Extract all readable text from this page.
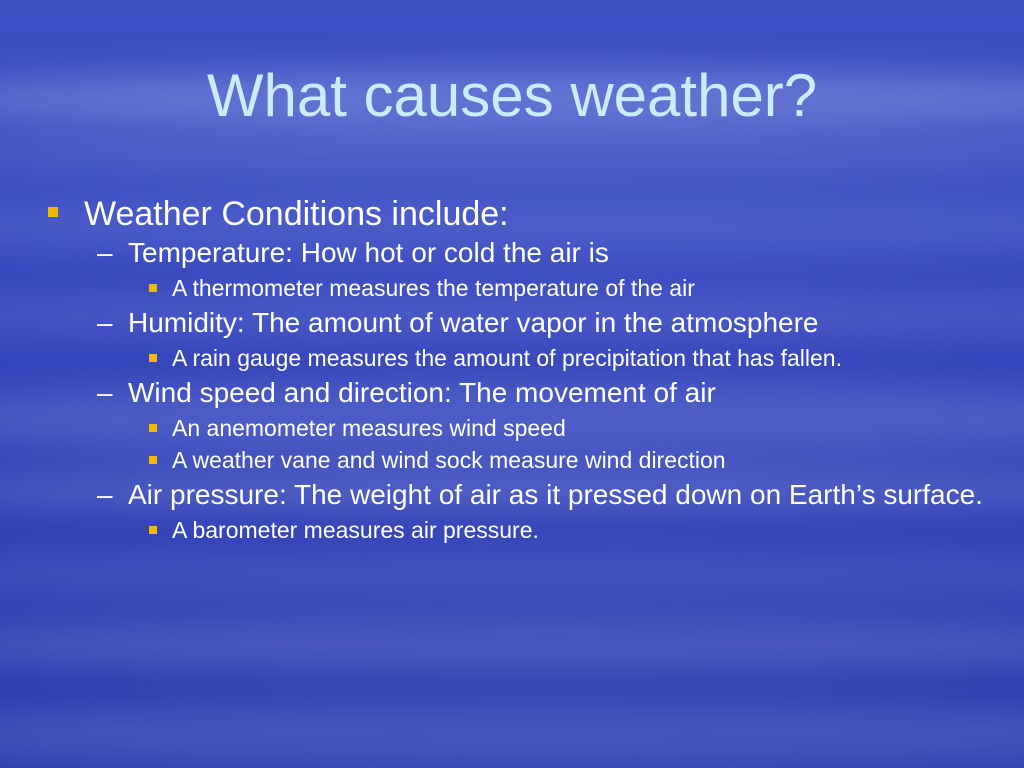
What causes weather?
Weather Conditions include:
– Temperature: How hot or cold the air is
A thermometer measures the temperature of the air
– Humidity: The amount of water vapor in the atmosphere
A rain gauge measures the amount of precipitation that has fallen.
– Wind speed and direction: The movement of air
An anemometer measures wind speed
A weather vane and wind sock measure wind direction
– Air pressure: The weight of air as it pressed down on Earth’s surface.
A barometer measures air pressure.
